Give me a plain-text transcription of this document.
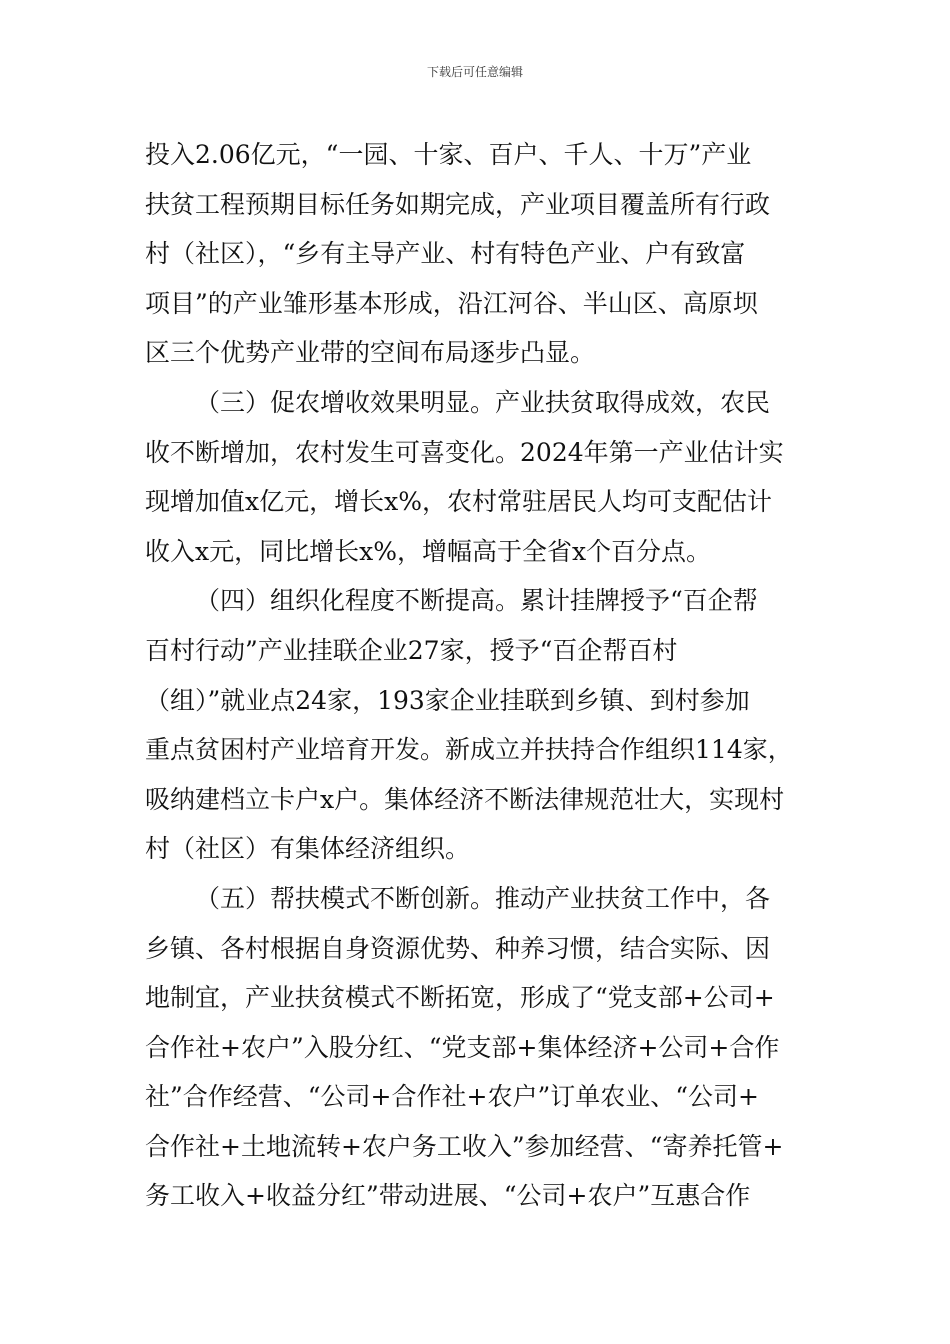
下载后可任意编辑
投入2.06亿元，“一园、十家、百户、千人、十万”产业
扶贫工程预期目标任务如期完成，产业项目覆盖所有行政
村（社区），“乡有主导产业、村有特色产业、户有致富
项目”的产业雏形基本形成，沿江河谷、半山区、高原坝
区三个优势产业带的空间布局逐步凸显。
（三）促农增收效果明显。产业扶贫取得成效，农民
收不断增加，农村发生可喜变化。2024年第一产业估计实
现增加值x亿元，增长x%，农村常驻居民人均可支配估计
收入x元，同比增长x%，增幅高于全省x个百分点。
（四）组织化程度不断提高。累计挂牌授予“百企帮
百村行动”产业挂联企业27家，授予“百企帮百村
（组）”就业点24家，193家企业挂联到乡镇、到村参加
重点贫困村产业培育开发。新成立并扶持合作组织114家，
吸纳建档立卡户x户。集体经济不断法律规范壮大，实现村
村（社区）有集体经济组织。
（五）帮扶模式不断创新。推动产业扶贫工作中，各
乡镇、各村根据自身资源优势、种养习惯，结合实际、因
地制宜，产业扶贫模式不断拓宽，形成了“党支部+公司+
合作社+农户”入股分红、“党支部+集体经济+公司+合作
社”合作经营、“公司+合作社+农户”订单农业、“公司+
合作社+土地流转+农户务工收入”参加经营、“寄养托管+
务工收入+收益分红”带动进展、“公司+农户”互惠合作
